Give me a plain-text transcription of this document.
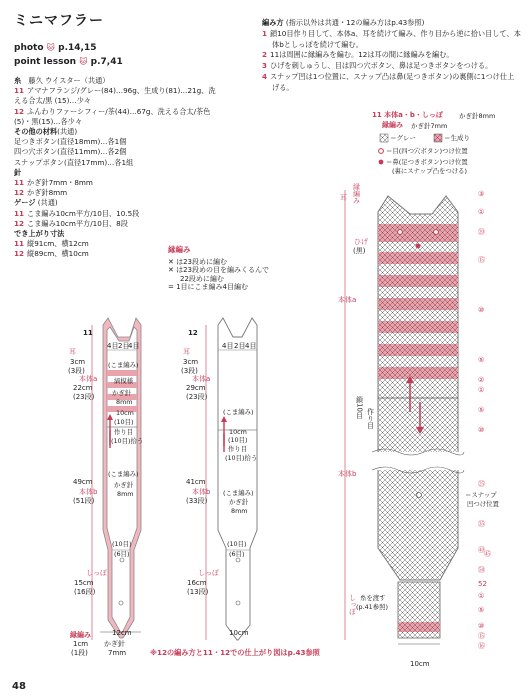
ミニマフラー
photo 🐱 p.14,15
point lesson 🐱 p.7,41
糸　 藤久 ウイスター（共通）
11 アマナフランジ/グレー(84)…96g、生成り(81)…21g、洗
える合太/黒 (15)…少々
12 ふんわりファーシフィー/茶(44)…67g、洗える合太/茶色
(5)・黒(15)…各少々
その他の材料(共通)
足つきボタン(直径18mm)…各1個
四つ穴ボタン(直径11mm)…各2個
スナップボタン(直径17mm)…各1組
針
11 かぎ針7mm・8mm
12 かぎ針8mm
ゲージ (共通)
11 こま編み10cm平方/10目、10.5段
12 こま編み10cm平方/10目、8段
でき上がり寸法
11 縦91cm、横12cm
12 縦89cm、横10cm
編み方 (指示以外は共通・12の編み方はp.43参照)
1 鎖10目作り目して、本体a、耳を続けて編み、作り目から逆に拾い目して、本
体bとしっぽを続けて編む。
2 11は周囲に縁編みを編む。12は耳の間に縁編みを編む。
3 ひげを刺しゅうし、目は四つ穴ボタン、鼻は足つきボタンをつける。
4 スナップ凹は1つ位置に、スナップ凸は鼻(足つきボタン)の裏側に1つけ仕上
げる。
縁編み
✕ は23段めに編む
✕ は23段めの目を編みくるんで
22段めに編む
= 1目にこま編み4目編む
11
耳
3cm
(3段)
本体a
22cm
(23段)
本体b
49cm
(51段)
しっぽ
15cm
(16段)
縁編み
1cm
(1段)
かぎ針
7mm
12cm
4目 2目
4目
(こま編み)
縞模様
かぎ針
8mm
10cm
(10目)
作り目
(10目)拾う
(こま編み)
かぎ針
8mm
(10目)
(6目)
12
耳
3cm
(3段)
本体a
29cm
(23段)
本体b
41cm
(33段)
しっぽ
16cm
(13段)
10cm
4目 2目 4目
(こま編み)
10cm
(10目)
作り目
(10目)拾う
(こま編み)
かぎ針
8mm
(10目)
(6目)
11 本体a・b・しっぽ かぎ針8mm
縁編み かぎ針7mm
＝グレー	＝生成り
＝目(四つ穴ボタン)つけ位置
＝鼻(足つきボタン)つけ位置
(裏にスナップ凸をつける)
耳 縁編み
ひげ
(黒)
本体a
鎖10目 作り目
本体b
＝スナップ
凹つけ位置
しっぽ 糸を渡す
(p.41参照)
10cm
③
①
⑳
⑮
⑩
⑤
②
①
⑤
⑩
㉕
㉟
㊵ ㊺
㊿
52
①
⑤
⑩
⑮
⑯
※12の編み方と11・12での仕上がり図はp.43参照
48
